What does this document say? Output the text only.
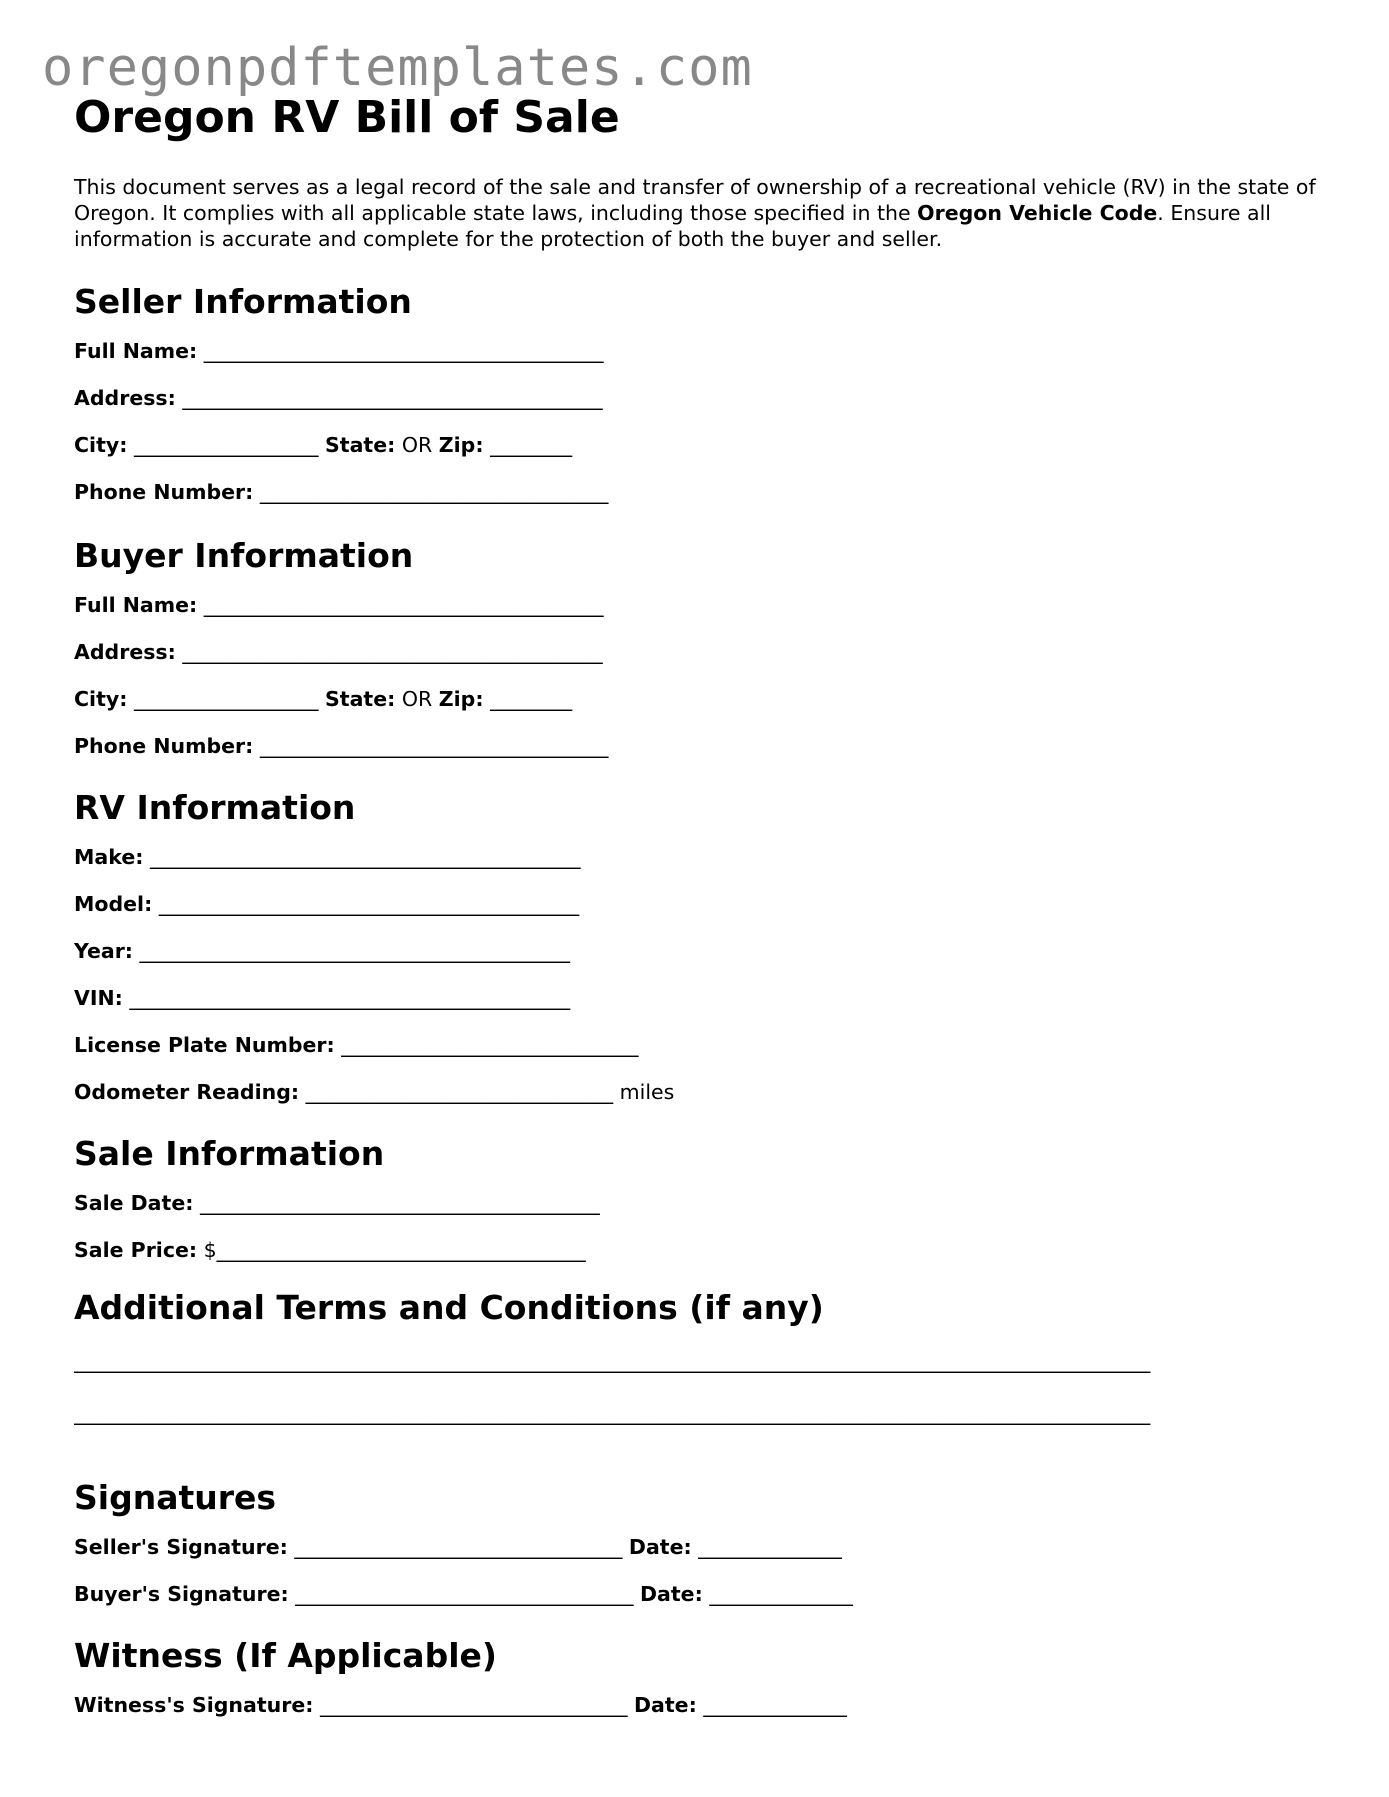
oregonpdftemplates.com
Oregon RV Bill of Sale

This document serves as a legal record of the sale and transfer of ownership of a recreational vehicle (RV) in the state of Oregon. It complies with all applicable state laws, including those specified in the Oregon Vehicle Code. Ensure all information is accurate and complete for the protection of both the buyer and seller.

Seller Information
Full Name: _______________________________________
Address: _________________________________________
City: __________________ State: OR Zip: ________
Phone Number: __________________________________
Buyer Information
Full Name: _______________________________________
Address: _________________________________________
City: __________________ State: OR Zip: ________
Phone Number: __________________________________
RV Information
Make: __________________________________________
Model: _________________________________________
Year: __________________________________________
VIN: ___________________________________________
License Plate Number: _____________________________
Odometer Reading: ______________________________ miles
Sale Information
Sale Date: _______________________________________
Sale Price: $____________________________________
Additional Terms and Conditions (if any)
_________________________________________________________________________________________________________
_________________________________________________________________________________________________________
Signatures
Seller's Signature: ________________________________ Date: ______________
Buyer's Signature: _________________________________ Date: ______________
Witness (If Applicable)
Witness's Signature: ______________________________ Date: ______________
